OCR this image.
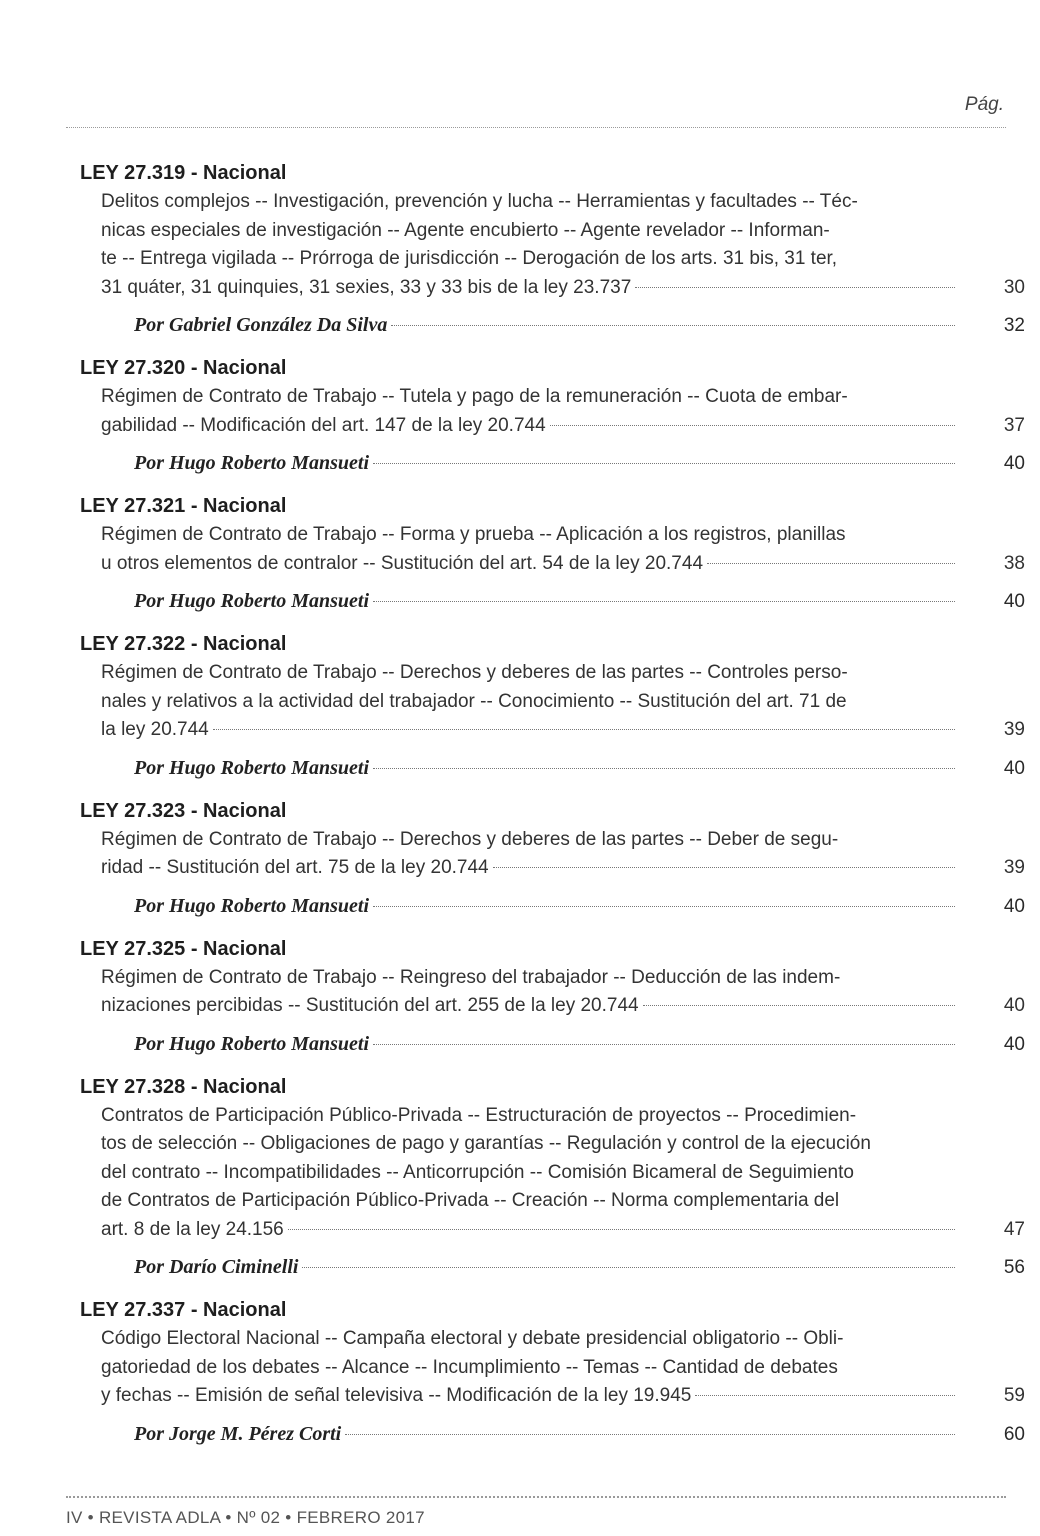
Pág.
LEY 27.319 - Nacional
Delitos complejos -- Investigación, prevención y lucha -- Herramientas y facultades -- Téc-
nicas especiales de investigación -- Agente encubierto -- Agente revelador -- Informan-
te -- Entrega vigilada -- Prórroga de jurisdicción -- Derogación de los arts. 31 bis, 31 ter,
31 quáter, 31 quinquies, 31 sexies, 33 y 33 bis de la ley 23.737	30
Por Gabriel González Da Silva	32
LEY 27.320 - Nacional
Régimen de Contrato de Trabajo -- Tutela y pago de la remuneración -- Cuota de embar-
gabilidad -- Modificación del art. 147 de la ley 20.744	37
Por Hugo Roberto Mansueti	40
LEY 27.321 - Nacional
Régimen de Contrato de Trabajo -- Forma y prueba -- Aplicación a los registros, planillas
u otros elementos de contralor -- Sustitución del art. 54 de la ley 20.744	38
Por Hugo Roberto Mansueti	40
LEY 27.322 - Nacional
Régimen de Contrato de Trabajo -- Derechos y deberes de las partes -- Controles perso-
nales y relativos a la actividad del trabajador -- Conocimiento -- Sustitución del art. 71 de
la ley 20.744	39
Por Hugo Roberto Mansueti	40
LEY 27.323 - Nacional
Régimen de Contrato de Trabajo -- Derechos y deberes de las partes -- Deber de segu-
ridad -- Sustitución del art. 75 de la ley 20.744	39
Por Hugo Roberto Mansueti	40
LEY 27.325 - Nacional
Régimen de Contrato de Trabajo -- Reingreso del trabajador -- Deducción de las indem-
nizaciones percibidas -- Sustitución del art. 255 de la ley 20.744	40
Por Hugo Roberto Mansueti	40
LEY 27.328 - Nacional
Contratos de Participación Público-Privada -- Estructuración de proyectos -- Procedimien-
tos de selección -- Obligaciones de pago y garantías -- Regulación y control de la ejecución
del contrato -- Incompatibilidades -- Anticorrupción -- Comisión Bicameral de Seguimiento
de Contratos de Participación Público-Privada -- Creación -- Norma complementaria del
art. 8 de la ley 24.156	47
Por Darío Ciminelli	56
LEY 27.337 - Nacional
Código Electoral Nacional -- Campaña electoral y debate presidencial obligatorio -- Obli-
gatoriedad de los debates -- Alcance -- Incumplimiento -- Temas -- Cantidad de debates
y fechas -- Emisión de señal televisiva -- Modificación de la ley 19.945	59
Por Jorge M. Pérez Corti	60
IV • REVISTA ADLA • Nº 02 • FEBRERO 2017
